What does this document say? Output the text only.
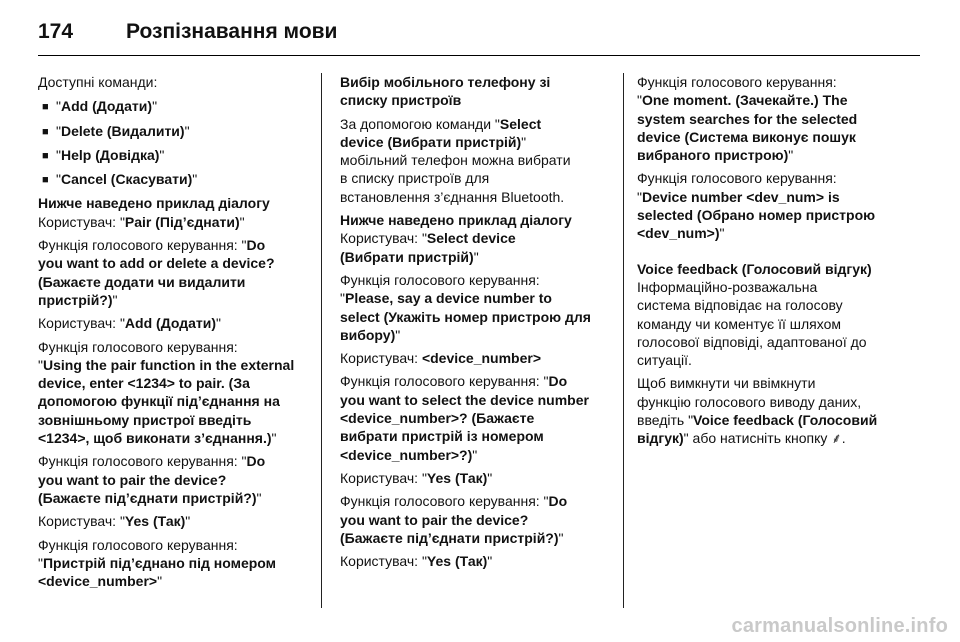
174	Розпізнавання мови
Доступні команди:
■ "Add (Додати)"
■ "Delete (Видалити)"
■ "Help (Довідка)"
■ "Cancel (Скасувати)"
Нижче наведено приклад діалогу
Користувач: "Pair (Під’єднати)"
Функція голосового керування: "Do
you want to add or delete a device?
(Бажаєте додати чи видалити
пристрій?)"
Користувач: "Add (Додати)"
Функція голосового керування:
"Using the pair function in the external
device, enter <1234> to pair. (За
допомогою функції під’єднання на
зовнішньому пристрої введіть
<1234>, щоб виконати з’єднання.)"
Функція голосового керування: "Do
you want to pair the device?
(Бажаєте під’єднати пристрій?)"
Користувач: "Yes (Так)"
Функція голосового керування:
"Пристрій під’єднано під номером
<device_number>"
Вибір мобільного телефону зі
списку пристроїв
За допомогою команди "Select
device (Вибрати пристрій)"
мобільний телефон можна вибрати
в списку пристроїв для
встановлення з’єднання Bluetooth.
Нижче наведено приклад діалогу
Користувач: "Select device
(Вибрати пристрій)"
Функція голосового керування:
"Please, say a device number to
select (Укажіть номер пристрою для
вибору)"
Користувач: <device_number>
Функція голосового керування: "Do
you want to select the device number
<device_number>? (Бажаєте
вибрати пристрій із номером
<device_number>?)"
Користувач: "Yes (Так)"
Функція голосового керування: "Do
you want to pair the device?
(Бажаєте під’єднати пристрій?)"
Користувач: "Yes (Так)"
Функція голосового керування:
"One moment. (Зачекайте.) The
system searches for the selected
device (Система виконує пошук
вибраного пристрою)"
Функція голосового керування:
"Device number <dev_num> is
selected (Обрано номер пристрою
<dev_num>)"
Voice feedback (Голосовий відгук)
Інформаційно-розважальна
система відповідає на голосову
команду чи коментує її шляхом
голосової відповіді, адаптованої до
ситуації.
Щоб вимкнути чи ввімкнути
функцію голосового виводу даних,
введіть "Voice feedback (Голосовий
відгук)" або натисніть кнопку ⸙.
carmanualsonline.info
